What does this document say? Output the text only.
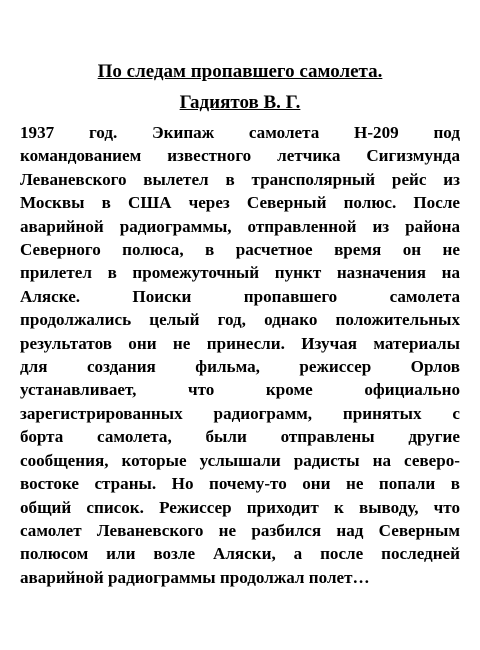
По следам пропавшего самолета.
Гадиятов В. Г.
1937 год. Экипаж самолета Н-209 под
командованием известного летчика Сигизмунда
Леваневского вылетел в трансполярный рейс из
Москвы в США через Северный полюс. После
аварийной радиограммы, отправленной из района
Северного полюса, в расчетное время он не
прилетел в промежуточный пункт назначения на
Аляске. Поиски пропавшего самолета
продолжались целый год, однако положительных
результатов они не принесли. Изучая материалы
для создания фильма, режиссер Орлов
устанавливает, что кроме официально
зарегистрированных радиограмм, принятых с
борта самолета, были отправлены другие
сообщения, которые услышали радисты на северо-
востоке страны. Но почему-то они не попали в
общий список. Режиссер приходит к выводу, что
самолет Леваневского не разбился над Северным
полюсом или возле Аляски, а после последней
аварийной радиограммы продолжал полет…
